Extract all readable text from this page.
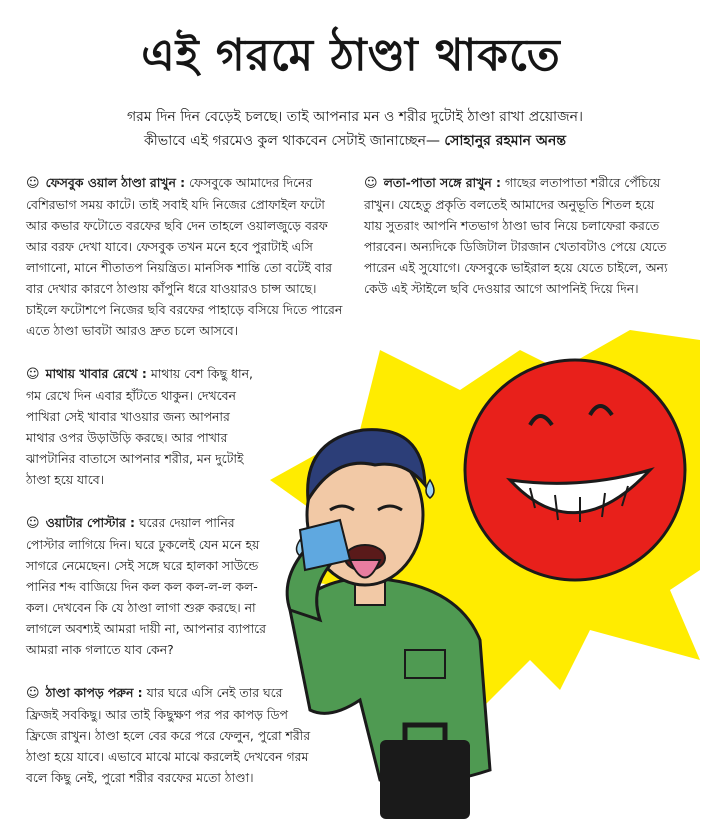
এই গরমে ঠাণ্ডা থাকতে
গরম দিন দিন বেড়েই চলছে। তাই আপনার মন ও শরীর দুটোই ঠাণ্ডা রাখা প্রয়োজন।
কীভাবে এই গরমেও কুল থাকবেন সেটাই জানাচ্ছেন— সোহানুর রহমান অনন্ত

☺ ফেসবুক ওয়াল ঠাণ্ডা রাখুন : ফেসবুকে আমাদের দিনের বেশিরভাগ সময় কাটে। তাই সবাই যদি নিজের প্রোফাইল ফটো আর কভার ফটোতে বরফের ছবি দেন তাহলে ওয়ালজুড়ে বরফ আর বরফ দেখা যাবে। ফেসবুক তখন মনে হবে পুরাটাই এসি লাগানো, মানে শীতাতপ নিয়ন্ত্রিত। মানসিক শান্তি তো বটেই বার বার দেখার কারণে ঠাণ্ডায় কাঁপুনি ধরে যাওয়ারও চান্স আছে। চাইলে ফটোশপে নিজের ছবি বরফের পাহাড়ে বসিয়ে দিতে পারেন এতে ঠাণ্ডা ভাবটা আরও দ্রুত চলে আসবে।

☺ মাথায় খাবার রেখে : মাথায় বেশ কিছু ধান, গম রেখে দিন এবার হাঁটতে থাকুন। দেখবেন পাখিরা সেই খাবার খাওয়ার জন্য আপনার মাথার ওপর উড়াউড়ি করছে। আর পাখার ঝাপটানির বাতাসে আপনার শরীর, মন দুটোই ঠাণ্ডা হয়ে যাবে।

☺ ওয়াটার পোস্টার : ঘরের দেয়াল পানির পোস্টার লাগিয়ে দিন। ঘরে ঢুকলেই যেন মনে হয় সাগরে নেমেছেন। সেই সঙ্গে ঘরে হালকা সাউন্ডে পানির শব্দ বাজিয়ে দিন কল কল কল-ল-ল কল-কল। দেখবেন কি যে ঠাণ্ডা লাগা শুরু করছে। না লাগলে অবশ্যই আমরা দায়ী না, আপনার ব্যাপারে আমরা নাক গলাতে যাব কেন?

☺ ঠাণ্ডা কাপড় পরুন : যার ঘরে এসি নেই তার ঘরে ফ্রিজই সবকিছু। আর তাই কিছুক্ষণ পর পর কাপড় ডিপ ফ্রিজে রাখুন। ঠাণ্ডা হলে বের করে পরে ফেলুন, পুরো শরীর ঠাণ্ডা হয়ে যাবে। এভাবে মাঝে মাঝে করলেই দেখবেন গরম বলে কিছু নেই, পুরো শরীর বরফের মতো ঠাণ্ডা।

☺ লতা-পাতা সঙ্গে রাখুন : গাছের লতাপাতা শরীরে পেঁচিয়ে রাখুন। যেহেতু প্রকৃতি বলতেই আমাদের অনুভূতি শিতল হয়ে যায় সুতরাং আপনি শতভাগ ঠাণ্ডা ভাব নিয়ে চলাফেরা করতে পারবেন। অন্যদিকে ডিজিটাল টারজান খেতাবটাও পেয়ে যেতে পারেন এই সুযোগে। ফেসবুকে ভাইরাল হয়ে যেতে চাইলে, অন্য কেউ এই স্টাইলে ছবি দেওয়ার আগে আপনিই দিয়ে দিন।
